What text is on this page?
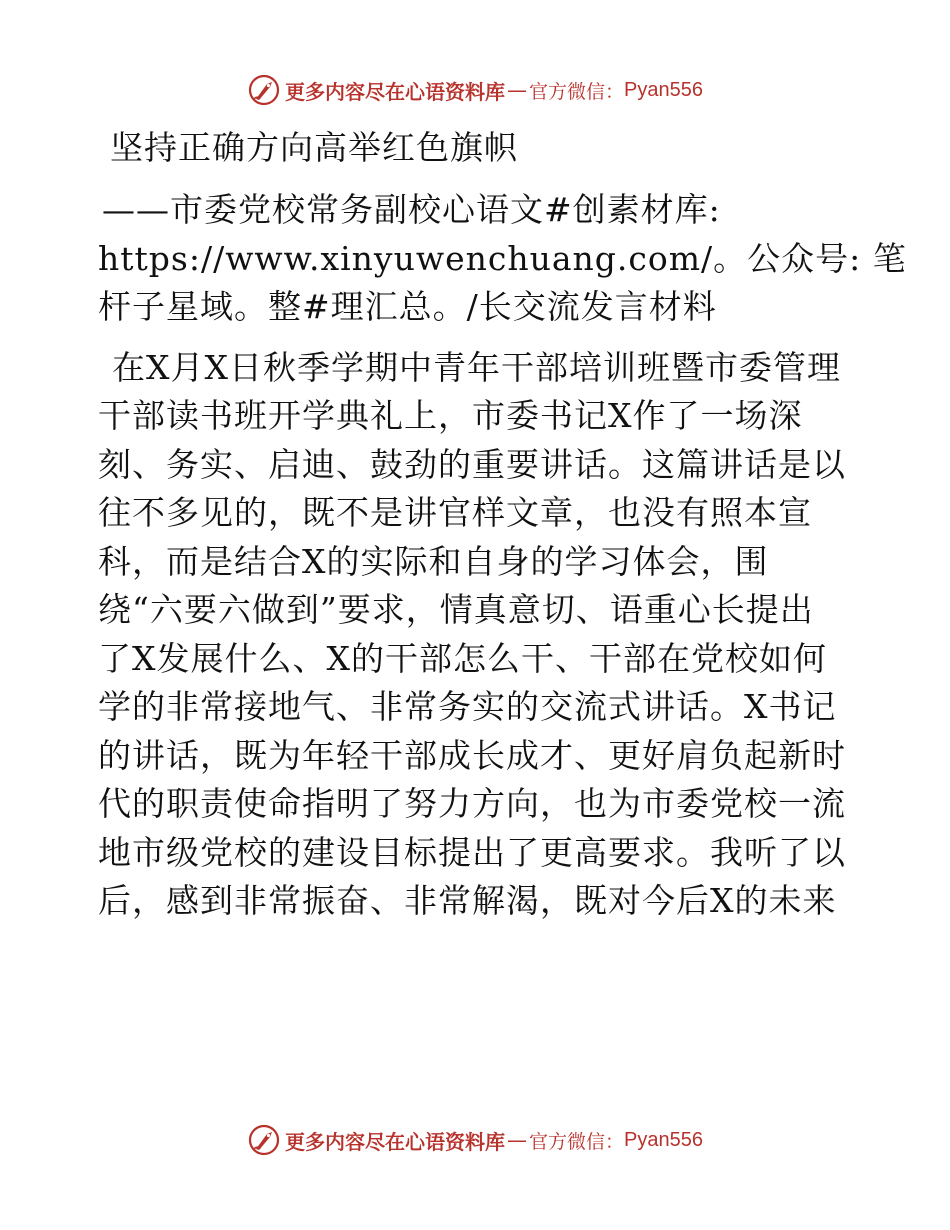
更多内容尽在心语资料库 — 官方微信： Pyan556
坚持正确方向高举红色旗帜
——市委党校常务副校心语文#创素材库:
https://www.xinyuwenchuang.com/。公众号: 笔
杆子星域。整#理汇总。/长交流发言材料
在X月X日秋季学期中青年干部培训班暨市委管理
干部读书班开学典礼上，市委书记X作了一场深
刻、务实、启迪、鼓劲的重要讲话。这篇讲话是以
往不多见的，既不是讲官样文章，也没有照本宣
科，而是结合X的实际和自身的学习体会，围
绕“六要六做到”要求，情真意切、语重心长提出
了X发展什么、X的干部怎么干、干部在党校如何
学的非常接地气、非常务实的交流式讲话。X书记
的讲话，既为年轻干部成长成才、更好肩负起新时
代的职责使命指明了努力方向，也为市委党校一流
地市级党校的建设目标提出了更高要求。我听了以
后，感到非常振奋、非常解渴，既对今后X的未来
更多内容尽在心语资料库 — 官方微信： Pyan556
